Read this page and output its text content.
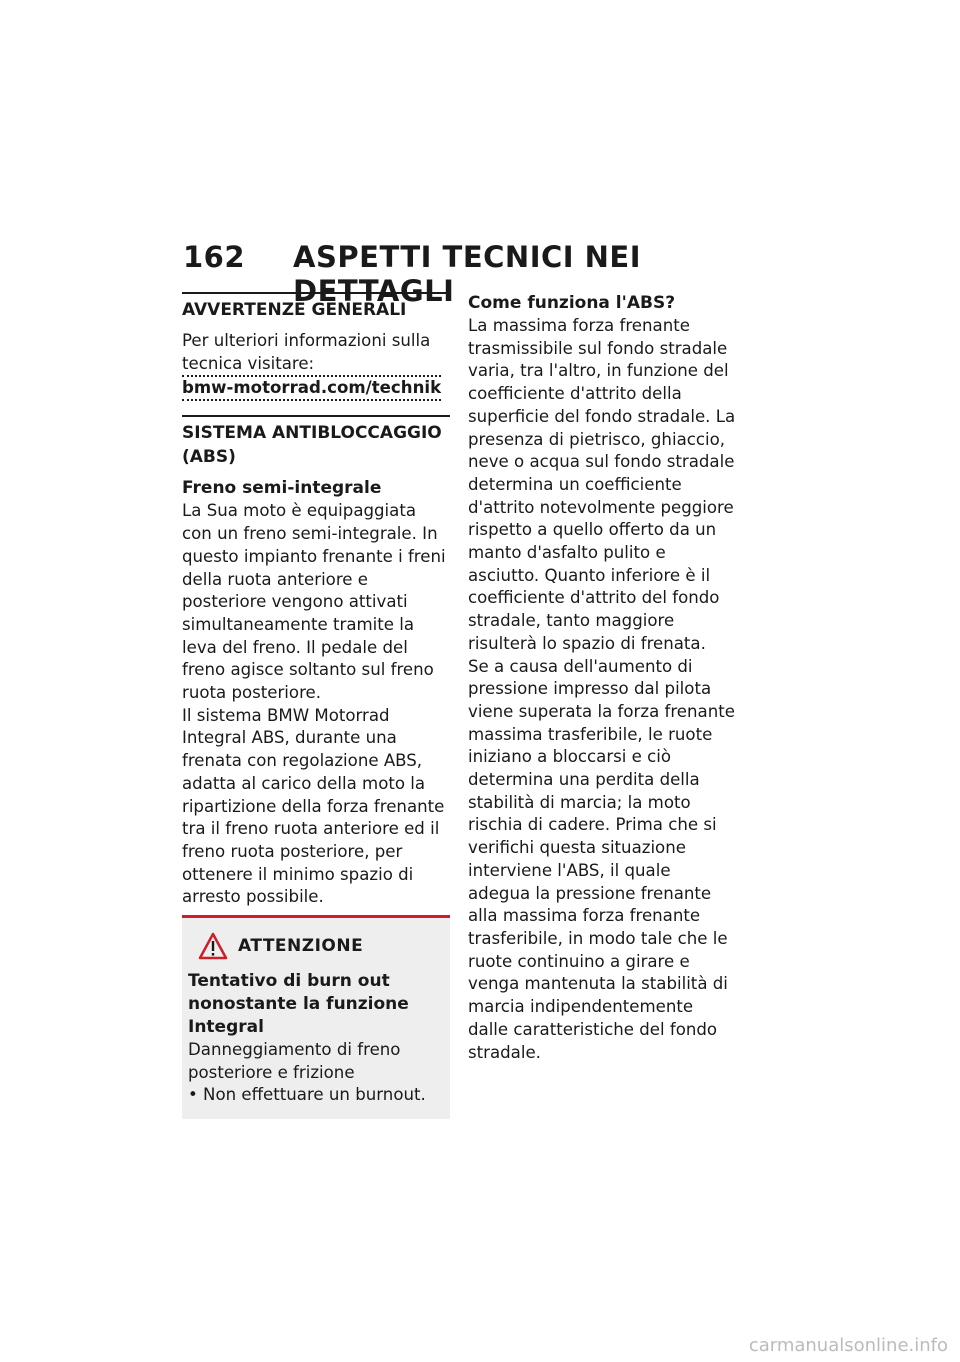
162 ASPETTI TECNICI NEI DETTAGLI
AVVERTENZE GENERALI

Per ulteriori informazioni sulla tecnica visitare:

bmw-motorrad.com/technik
SISTEMA ANTIBLOCCAGGIO (ABS)
Freno semi-integrale

La Sua moto è equipaggiata con un freno semi-integrale. In questo impianto frenante i freni della ruota anteriore e posteriore vengono attivati simultaneamente tramite la leva del freno. Il pedale del freno agisce soltanto sul freno ruota posteriore.

Il sistema BMW Motorrad Integral ABS, durante una frenata con regolazione ABS, adatta al carico della moto la ripartizione della forza frenante tra il freno ruota anteriore ed il freno ruota posteriore, per ottenere il minimo spazio di arresto possibile.

ATTENZIONE
Tentativo di burn out nonostante la funzione Integral

Danneggiamento di freno posteriore e frizione

• Non effettuare un burnout.

Come funziona l'ABS?

La massima forza frenante trasmissibile sul fondo stradale varia, tra l'altro, in funzione del coefficiente d'attrito della superficie del fondo stradale. La presenza di pietrisco, ghiaccio, neve o acqua sul fondo stradale determina un coefficiente d'attrito notevolmente peggiore rispetto a quello offerto da un manto d'asfalto pulito e asciutto. Quanto inferiore è il coefficiente d'attrito del fondo stradale, tanto maggiore risulterà lo spazio di frenata.

Se a causa dell'aumento di pressione impresso dal pilota viene superata la forza frenante massima trasferibile, le ruote iniziano a bloccarsi e ciò determina una perdita della stabilità di marcia; la moto rischia di cadere. Prima che si verifichi questa situazione interviene l'ABS, il quale adegua la pressione frenante alla massima forza frenante trasferibile, in modo tale che le ruote continuino a girare e venga mantenuta la stabilità di marcia indipendentemente dalle caratteristiche del fondo stradale.

carmanualsonline.info
